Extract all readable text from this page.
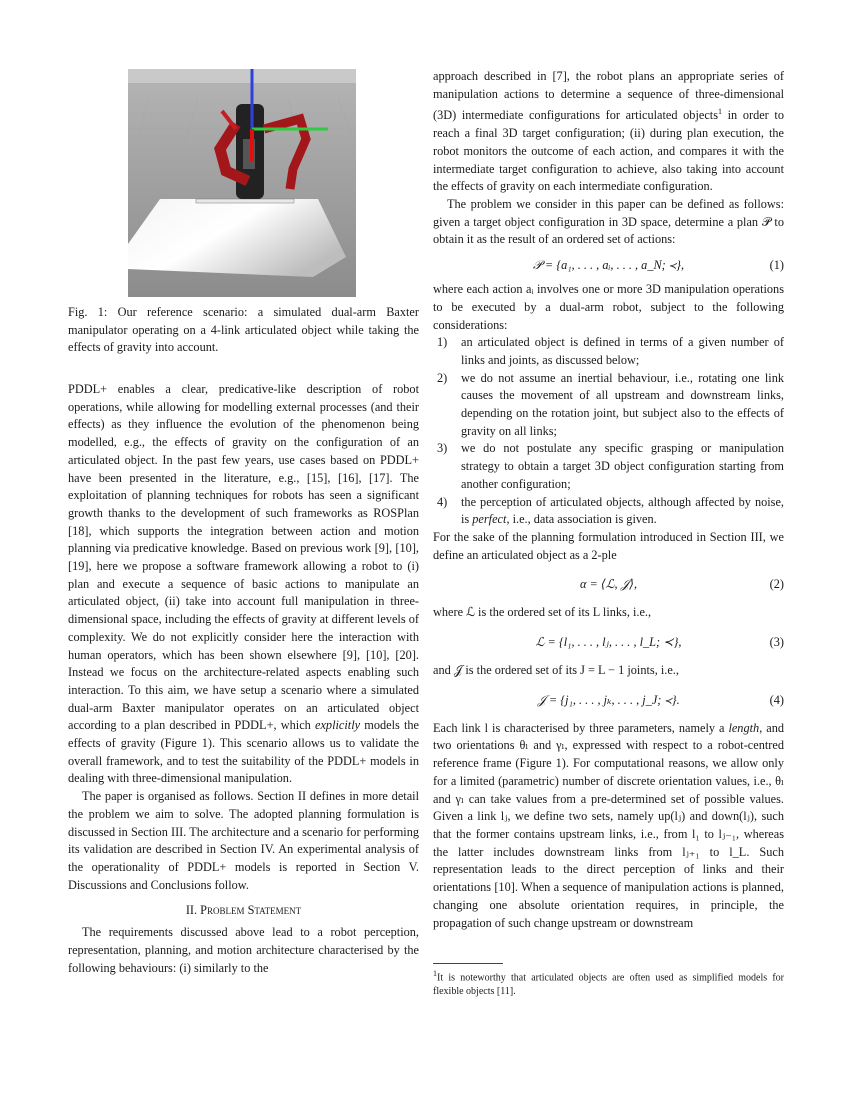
Fig. 1: Our reference scenario: a simulated dual-arm Baxter manipulator operating on a 4-link articulated object while taking the effects of gravity into account.

PDDL+ enables a clear, predicative-like description of robot operations, while allowing for modelling external processes (and their effects) as they influence the evolution of the phenomenon being modelled, e.g., the effects of gravity on the configuration of an articulated object. In the past few years, use cases based on PDDL+ have been presented in the literature, e.g., [15], [16], [17]. The exploitation of planning techniques for robots has seen a significant growth thanks to the development of such frameworks as ROSPlan [18], which supports the integration between action and motion planning via predicative knowledge. Based on previous work [9], [10], [19], here we propose a software framework allowing a robot to (i) plan and execute a sequence of basic actions to manipulate an articulated object, (ii) take into account full manipulation in three-dimensional space, including the effects of gravity at different levels of complexity. We do not explicitly consider here the interaction with human operators, which has been shown elsewhere [9], [10], [20]. Instead we focus on the architecture-related aspects enabling such interaction. To this aim, we have setup a scenario where a simulated dual-arm Baxter manipulator operates on an articulated object according to a plan described in PDDL+, which explicitly models the effects of gravity (Figure 1). This scenario allows us to validate the overall framework, and to test the suitability of the PDDL+ models in dealing with three-dimensional manipulation.

The paper is organised as follows. Section II defines in more detail the problem we aim to solve. The adopted planning formulation is discussed in Section III. The architecture and a scenario for performing its validation are described in Section IV. An experimental analysis of the operationality of PDDL+ models is reported in Section V. Discussions and Conclusions follow.

II. Problem Statement

The requirements discussed above lead to a robot perception, representation, planning, and motion architecture characterised by the following behaviours: (i) similarly to the

approach described in [7], the robot plans an appropriate series of manipulation actions to determine a sequence of three-dimensional (3D) intermediate configurations for articulated objects$^1$ in order to reach a final 3D target configuration; (ii) during plan execution, the robot monitors the outcome of each action, and compares it with the intermediate target configuration to achieve, also taking into account the effects of gravity on each intermediate configuration.

The problem we consider in this paper can be defined as follows: given a target object configuration in 3D space, determine a plan 𝒫 to obtain it as the result of an ordered set of actions:

𝒫 = {a₁, . . . , aᵢ, . . . , a_N; ≺},	(1)

where each action aᵢ involves one or more 3D manipulation operations to be executed by a dual-arm robot, subject to the following considerations:

1) an articulated object is defined in terms of a given number of links and joints, as discussed below;
2) we do not assume an inertial behaviour, i.e., rotating one link causes the movement of all upstream and downstream links, depending on the rotation joint, but subject also to the effects of gravity on all links;
3) we do not postulate any specific grasping or manipulation strategy to obtain a target 3D object configuration starting from another configuration;
4) the perception of articulated objects, although affected by noise, is perfect, i.e., data association is given.

For the sake of the planning formulation introduced in Section III, we define an articulated object as a 2-ple

α = ⟨ℒ, 𝒥⟩,	(2)

where ℒ is the ordered set of its L links, i.e.,

ℒ = {l₁, . . . , lⱼ, . . . , l_L; ≺},	(3)

and 𝒥 is the ordered set of its J = L − 1 joints, i.e.,

𝒥 = {j₁, . . . , jₖ, . . . , j_J; ≺}.	(4)

Each link l is characterised by three parameters, namely a length, and two orientations θₗ and γₗ, expressed with respect to a robot-centred reference frame (Figure 1). For computational reasons, we allow only for a limited (parametric) number of discrete orientation values, i.e., θₗ and γₗ can take values from a pre-determined set of possible values. Given a link lⱼ, we define two sets, namely up(lⱼ) and down(lⱼ), such that the former contains upstream links, i.e., from l₁ to lⱼ₋₁, whereas the latter includes downstream links from lⱼ₊₁ to l_L. Such representation leads to the direct perception of links and their orientations [10]. When a sequence of manipulation actions is planned, changing one absolute orientation requires, in principle, the propagation of such change upstream or downstream

$^1$It is noteworthy that articulated objects are often used as simplified models for flexible objects [11].
